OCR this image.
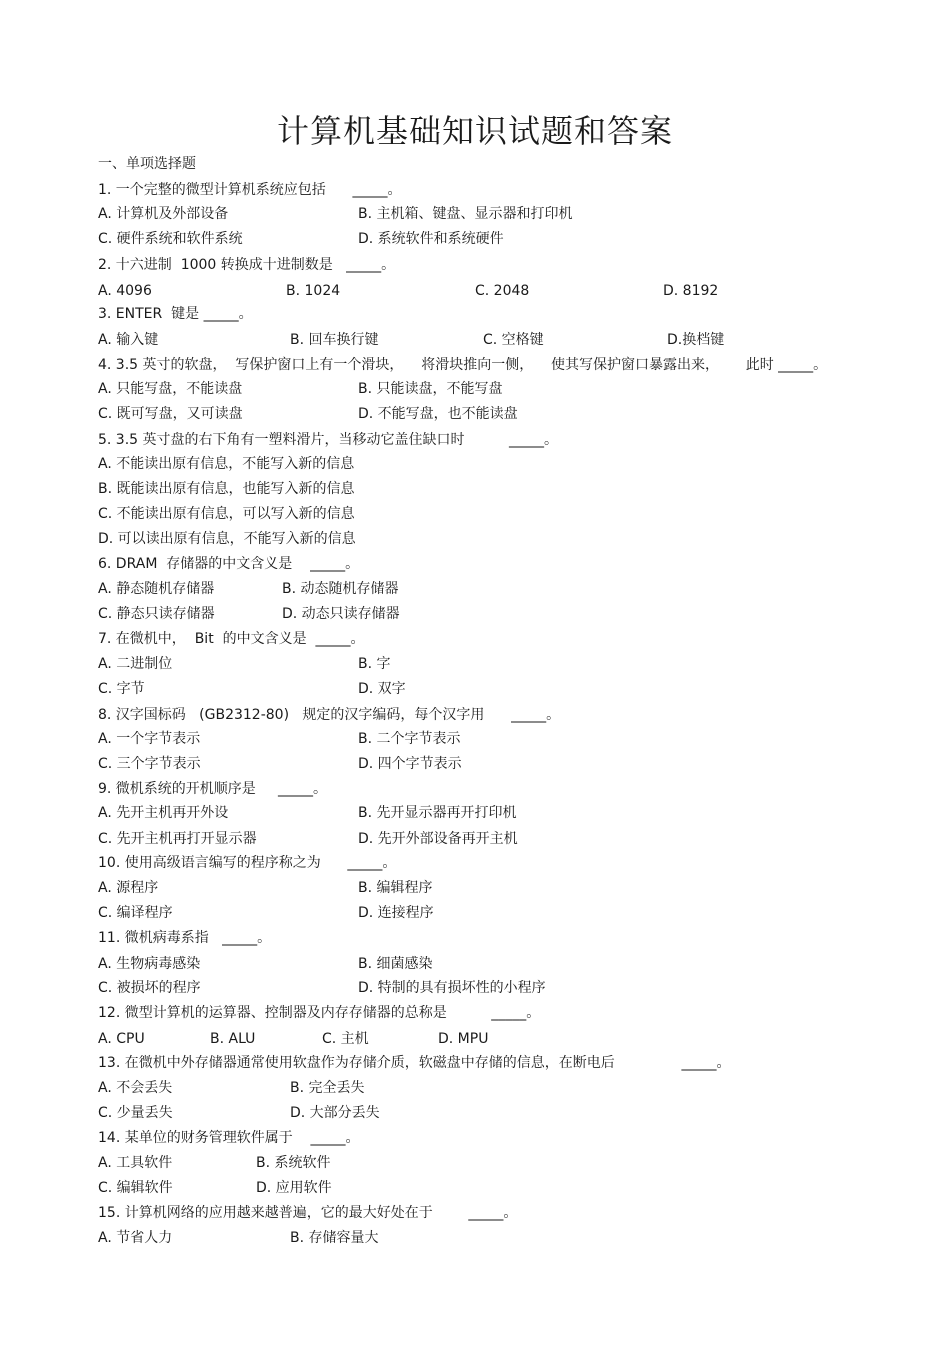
计算机基础知识试题和答案
一、单项选择题
1. 一个完整的微型计算机系统应包括      _____。
A. 计算机及外部设备	B. 主机箱、键盘、显示器和打印机
C. 硬件系统和软件系统	D. 系统软件和系统硬件
2. 十六进制  1000 转换成十进制数是   _____。
A. 4096	B. 1024	C. 2048	D. 8192
3. ENTER  键是 _____。
A. 输入键	B. 回车换行键	C. 空格键	D.换档键
4. 3.5 英寸的软盘，  写保护窗口上有一个滑块，    将滑块推向一侧，    使其写保护窗口暴露出来，      此时 _____。
A. 只能写盘，不能读盘	B. 只能读盘，不能写盘
C. 既可写盘，又可读盘	D. 不能写盘，也不能读盘
5. 3.5 英寸盘的右下角有一塑料滑片，当移动它盖住缺口时          _____。
A. 不能读出原有信息，不能写入新的信息
B. 既能读出原有信息，也能写入新的信息
C. 不能读出原有信息，可以写入新的信息
D. 可以读出原有信息，不能写入新的信息
6. DRAM  存储器的中文含义是    _____。
A. 静态随机存储器	B. 动态随机存储器
C. 静态只读存储器	D. 动态只读存储器
7. 在微机中，  Bit  的中文含义是  _____。
A. 二进制位	B. 字
C. 字节	D. 双字
8. 汉字国标码   (GB2312-80)   规定的汉字编码，每个汉字用      _____。
A. 一个字节表示	B. 二个字节表示
C. 三个字节表示	D. 四个字节表示
9. 微机系统的开机顺序是     _____。
A. 先开主机再开外设	B. 先开显示器再开打印机
C. 先开主机再打开显示器	D. 先开外部设备再开主机
10. 使用高级语言编写的程序称之为      _____。
A. 源程序	B. 编辑程序
C. 编译程序	D. 连接程序
11. 微机病毒系指   _____。
A. 生物病毒感染	B. 细菌感染
C. 被损坏的程序	D. 特制的具有损坏性的小程序
12. 微型计算机的运算器、控制器及内存存储器的总称是          _____。
A. CPU	B. ALU	C. 主机	D. MPU
13. 在微机中外存储器通常使用软盘作为存储介质，软磁盘中存储的信息，在断电后               _____。
A. 不会丢失	B. 完全丢失
C. 少量丢失	D. 大部分丢失
14. 某单位的财务管理软件属于    _____。
A. 工具软件	B. 系统软件
C. 编辑软件	D. 应用软件
15. 计算机网络的应用越来越普遍，它的最大好处在于        _____。
A. 节省人力	B. 存储容量大
